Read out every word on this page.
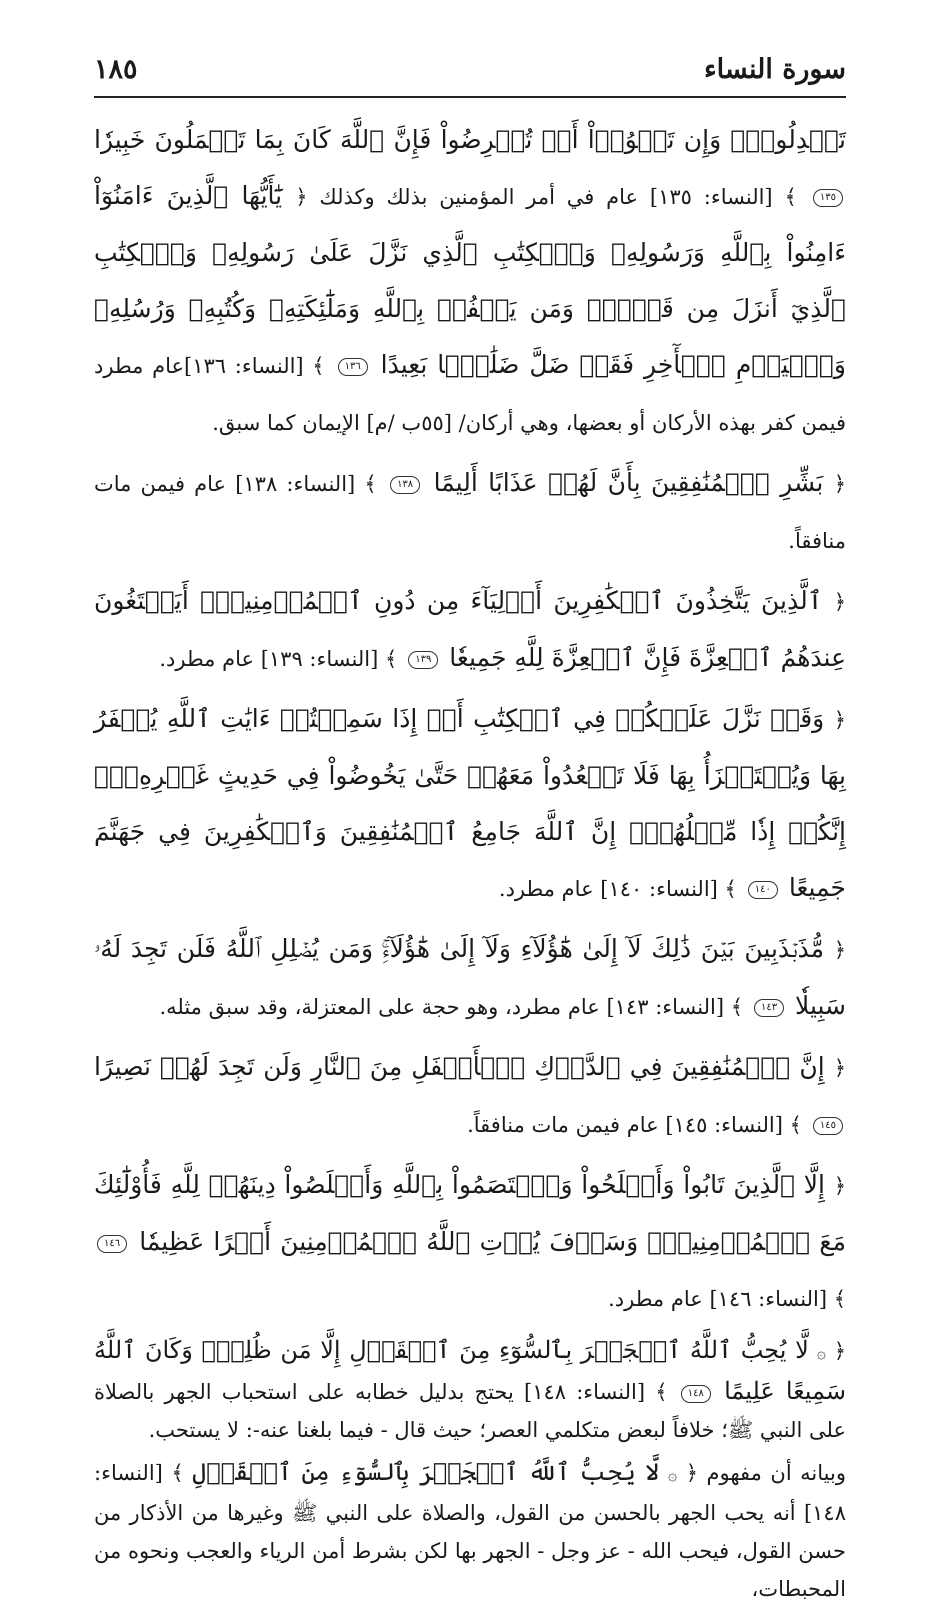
سورة النساء
١٨٥

تَعۡدِلُواْۚ وَإِن تَلۡوُۥٓاْ أَوۡ تُعۡرِضُواْ فَإِنَّ ٱللَّهَ كَانَ بِمَا تَعۡمَلُونَ خَبِيرٗا ١٣٥ ﴾ [النساء: ١٣٥] عام في أمر المؤمنين بذلك وكذلك ﴿ يَٰٓأَيُّهَا ٱلَّذِينَ ءَامَنُوٓاْ ءَامِنُواْ بِٱللَّهِ وَرَسُولِهِۦ وَٱلۡكِتَٰبِ ٱلَّذِي نَزَّلَ عَلَىٰ رَسُولِهِۦ وَٱلۡكِتَٰبِ ٱلَّذِيٓ أَنزَلَ مِن قَبۡلُۚ وَمَن يَكۡفُرۡ بِٱللَّهِ وَمَلَٰٓئِكَتِهِۦ وَكُتُبِهِۦ وَرُسُلِهِۦ وَٱلۡيَوۡمِ ٱلۡأٓخِرِ فَقَدۡ ضَلَّ ضَلَٰلَۢا بَعِيدًا ١٣٦ ﴾ [النساء: ١٣٦]عام مطرد فيمن كفر بهذه الأركان أو بعضها، وهي أركان/ [٥٥ب /م] الإيمان كما سبق.

﴿ بَشِّرِ ٱلۡمُنَٰفِقِينَ بِأَنَّ لَهُمۡ عَذَابًا أَلِيمًا ١٣٨ ﴾ [النساء: ١٣٨] عام فيمن مات منافقاً.

﴿ ٱلَّذِينَ يَتَّخِذُونَ ٱلۡكَٰفِرِينَ أَوۡلِيَآءَ مِن دُونِ ٱلۡمُؤۡمِنِينَۚ أَيَبۡتَغُونَ عِندَهُمُ ٱلۡعِزَّةَ فَإِنَّ ٱلۡعِزَّةَ لِلَّهِ جَمِيعٗا ١٣٩ ﴾ [النساء: ١٣٩] عام مطرد.

﴿ وَقَدۡ نَزَّلَ عَلَيۡكُمۡ فِي ٱلۡكِتَٰبِ أَنۡ إِذَا سَمِعۡتُمۡ ءَايَٰتِ ٱللَّهِ يُكۡفَرُ بِهَا وَيُسۡتَهۡزَأُ بِهَا فَلَا تَقۡعُدُواْ مَعَهُمۡ حَتَّىٰ يَخُوضُواْ فِي حَدِيثٍ غَيۡرِهِۦٓۚ إِنَّكُمۡ إِذٗا مِّثۡلُهُمۡۗ إِنَّ ٱللَّهَ جَامِعُ ٱلۡمُنَٰفِقِينَ وَٱلۡكَٰفِرِينَ فِي جَهَنَّمَ جَمِيعًا ١٤٠ ﴾ [النساء: ١٤٠] عام مطرد.

﴿ مُّذَبۡذَبِينَ بَيۡنَ ذَٰلِكَ لَآ إِلَىٰ هَٰٓؤُلَآءِ وَلَآ إِلَىٰ هَٰٓؤُلَآءِۚ وَمَن يُضۡلِلِ ٱللَّهُ فَلَن تَجِدَ لَهُۥ سَبِيلٗا ١٤٣ ﴾ [النساء: ١٤٣] عام مطرد، وهو حجة على المعتزلة، وقد سبق مثله.

﴿ إِنَّ ٱلۡمُنَٰفِقِينَ فِي ٱلدَّرۡكِ ٱلۡأَسۡفَلِ مِنَ ٱلنَّارِ وَلَن تَجِدَ لَهُمۡ نَصِيرًا ١٤٥ ﴾ [النساء: ١٤٥] عام فيمن مات منافقاً.

﴿ إِلَّا ٱلَّذِينَ تَابُواْ وَأَصۡلَحُواْ وَٱعۡتَصَمُواْ بِٱللَّهِ وَأَخۡلَصُواْ دِينَهُمۡ لِلَّهِ فَأُوْلَٰٓئِكَ مَعَ ٱلۡمُؤۡمِنِينَۖ وَسَوۡفَ يُؤۡتِ ٱللَّهُ ٱلۡمُؤۡمِنِينَ أَجۡرًا عَظِيمٗا ١٤٦ ﴾ [النساء: ١٤٦] عام مطرد.

﴿ ۞ لَّا يُحِبُّ ٱللَّهُ ٱلۡجَهۡرَ بِٱلسُّوٓءِ مِنَ ٱلۡقَوۡلِ إِلَّا مَن ظُلِمَۚ وَكَانَ ٱللَّهُ سَمِيعًا عَلِيمًا ١٤٨ ﴾ [النساء: ١٤٨] يحتج بدليل خطابه على استحباب الجهر بالصلاة على النبي ﷺ؛ خلافاً لبعض متكلمي العصر؛ حيث قال - فيما بلغنا عنه-: لا يستحب.

وبيانه أن مفهوم ﴿ ۞ لَّا يُحِبُّ ٱللَّهُ ٱلۡجَهۡرَ بِٱلسُّوٓءِ مِنَ ٱلۡقَوۡلِ ﴾ [النساء: ١٤٨] أنه يحب الجهر بالحسن من القول، والصلاة على النبي ﷺ وغيرها من الأذكار من حسن القول، فيحب الله - عز وجل - الجهر بها لكن بشرط أمن الرياء والعجب ونحوه من المحبطات،
